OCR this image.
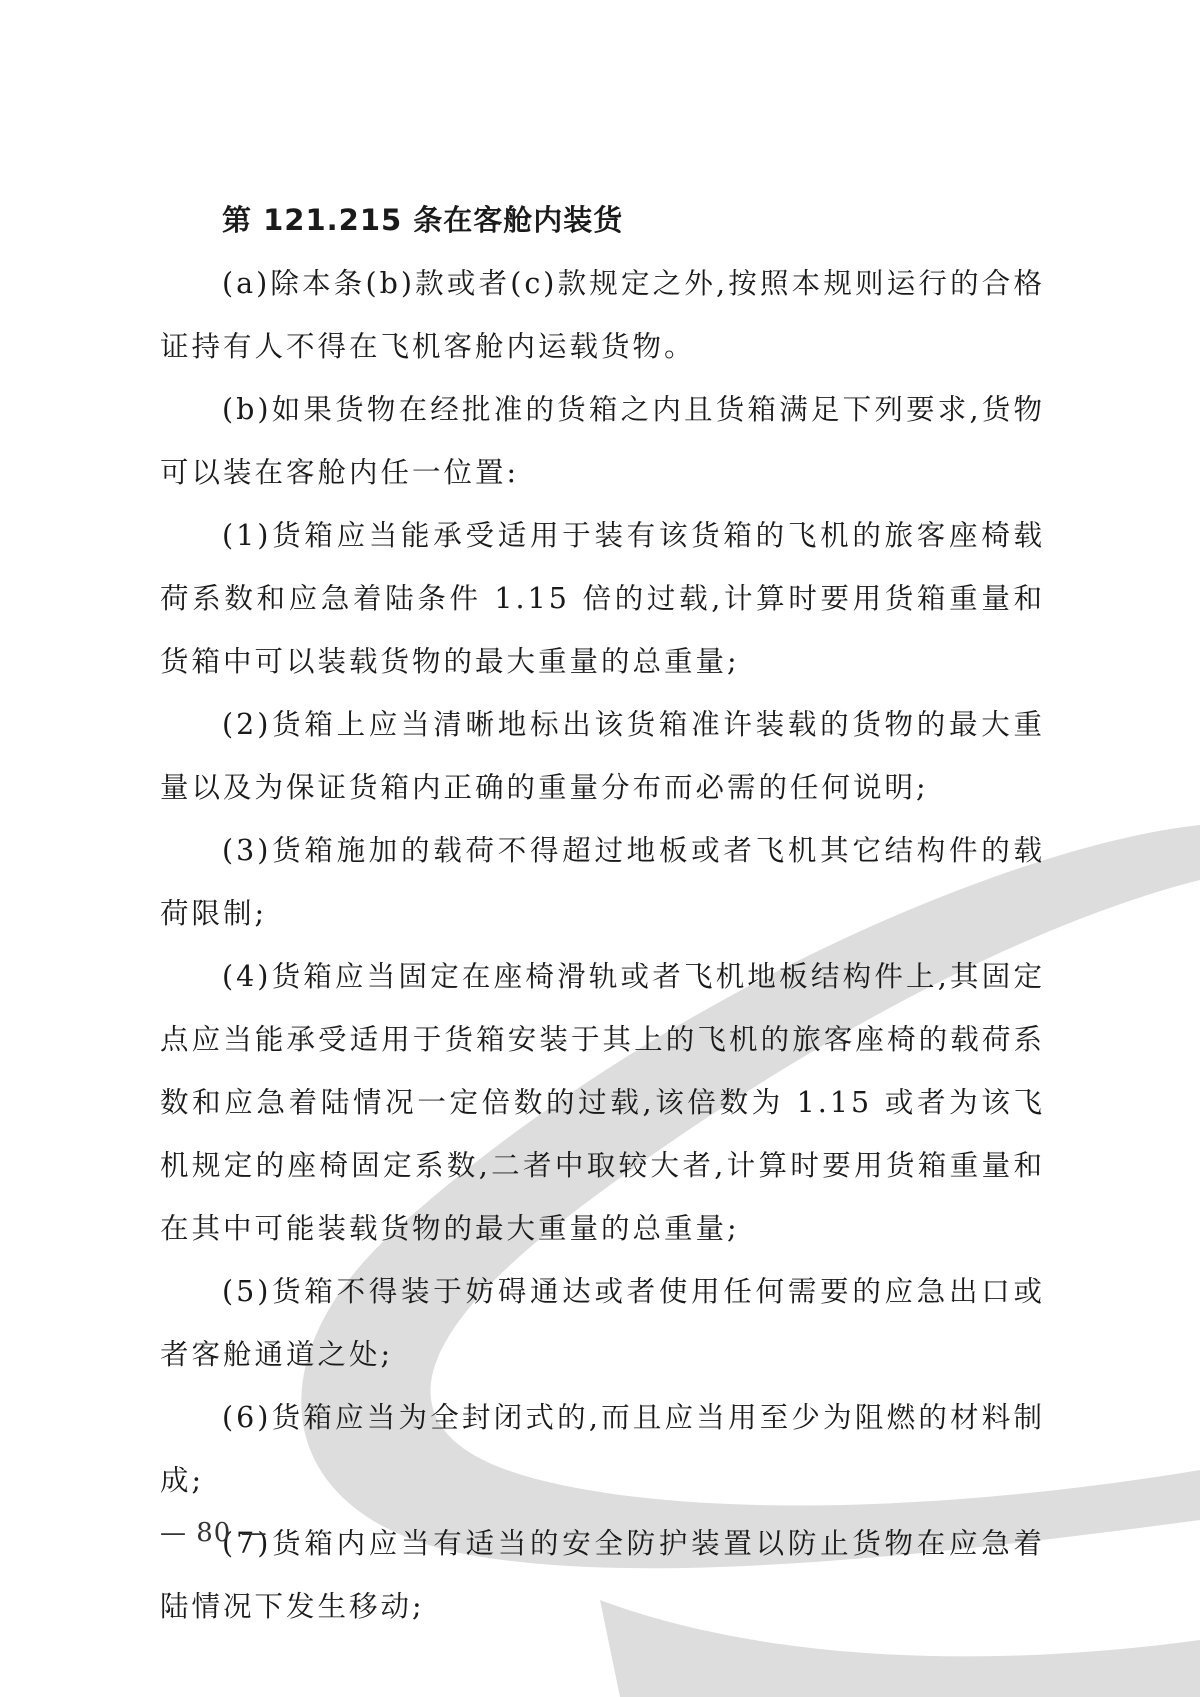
第 121.215 条在客舱内装货

(a)除本条(b)款或者(c)款规定之外,按照本规则运行的合格证持有人不得在飞机客舱内运载货物。

(b)如果货物在经批准的货箱之内且货箱满足下列要求,货物可以装在客舱内任一位置:

(1)货箱应当能承受适用于装有该货箱的飞机的旅客座椅载荷系数和应急着陆条件 1.15 倍的过载,计算时要用货箱重量和货箱中可以装载货物的最大重量的总重量;

(2)货箱上应当清晰地标出该货箱准许装载的货物的最大重量以及为保证货箱内正确的重量分布而必需的任何说明;

(3)货箱施加的载荷不得超过地板或者飞机其它结构件的载荷限制;

(4)货箱应当固定在座椅滑轨或者飞机地板结构件上,其固定点应当能承受适用于货箱安装于其上的飞机的旅客座椅的载荷系数和应急着陆情况一定倍数的过载,该倍数为 1.15 或者为该飞机规定的座椅固定系数,二者中取较大者,计算时要用货箱重量和在其中可能装载货物的最大重量的总重量;

(5)货箱不得装于妨碍通达或者使用任何需要的应急出口或者客舱通道之处;

(6)货箱应当为全封闭式的,而且应当用至少为阻燃的材料制成;

(7)货箱内应当有适当的安全防护装置以防止货物在应急着陆情况下发生移动;

— 80 —
